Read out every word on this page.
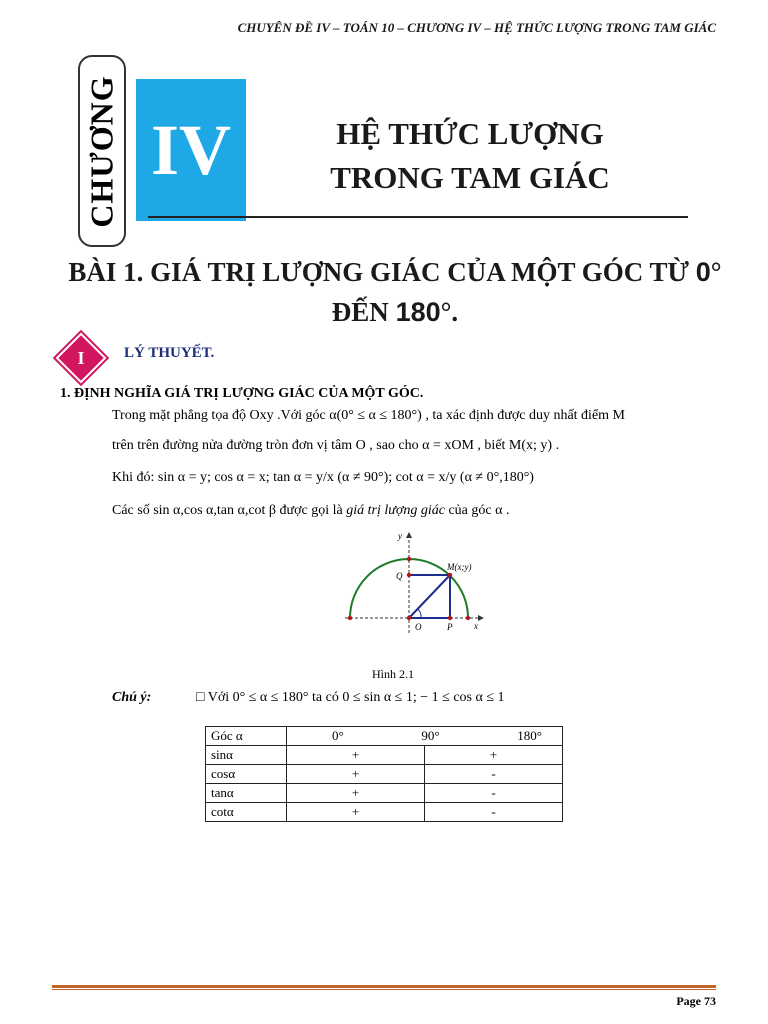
CHUYÊN ĐỀ IV – TOÁN 10 – CHƯƠNG IV – HỆ THỨC LƯỢNG TRONG TAM GIÁC
CHƯƠNG IV	HỆ THỨC LƯỢNG
TRONG TAM GIÁC
BÀI 1. GIÁ TRỊ LƯỢNG GIÁC CỦA MỘT GÓC TỪ 0°
ĐẾN 180°.
I	LÝ THUYẾT.
1. ĐỊNH NGHĨA GIÁ TRỊ LƯỢNG GIÁC CỦA MỘT GÓC.
Trong mặt phẳng tọa độ Oxy .Với góc α(0° ≤ α ≤ 180°) , ta xác định được duy nhất điểm M
trên trên đường nửa đường tròn đơn vị tâm O , sao cho α = xOM , biết M(x; y) .
Khi đó: sin α = y; cos α = x; tan α = y/x (α ≠ 90°); cot α = x/y (α ≠ 0°,180°)
Các số sin α,cos α,tan α,cot β được gọi là giá trị lượng giác của góc α .
y
x
O	P
Q
M(x;y)
Hình 2.1
Chú ý:	□ Với 0° ≤ α ≤ 180° ta có 0 ≤ sin α ≤ 1; − 1 ≤ cos α ≤ 1
Góc α	0° 90° 180°	

sinα	+	+
cosα	+	-
tanα	+	-
cotα	+	-
Page 73
